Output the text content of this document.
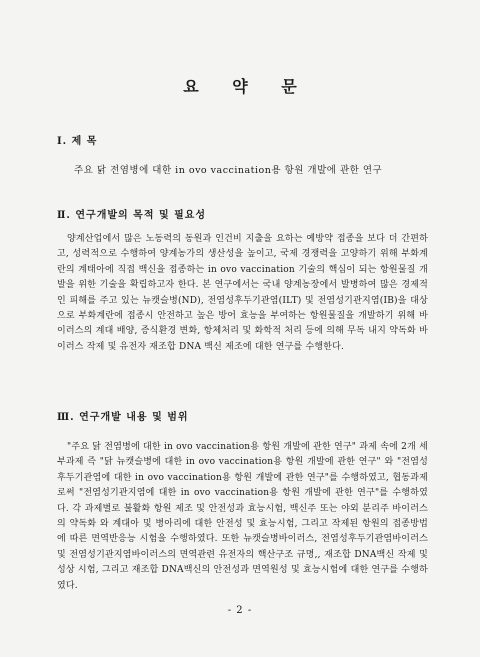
요 약 문
Ⅰ. 제 목
주요 닭 전염병에 대한 in ovo vaccination용 항원 개발에 관한 연구
Ⅱ. 연구개발의 목적 및 필요성
양계산업에서 많은 노동력의 동원과 인건비 지출을 요하는 예방약 접종을 보다 더 간편하고, 성력적으로 수행하여 양계농가의 생산성을 높이고, 국제 경쟁력을 고양하기 위해 부화계란의 계태아에 직접 백신을 접종하는 in ovo vaccination 기술의 핵심이 되는 항원물질 개발을 위한 기술을 확립하고자 한다. 본 연구에서는 국내 양계농장에서 발병하여 많은 경제적인 피해를 주고 있는 뉴캣슬병(ND), 전염성후두기관염(ILT) 및 전염성기관지염(IB)을 대상으로 부화계란에 접종시 안전하고 높은 방어 효능을 부여하는 항원물질을 개발하기 위해 바이러스의 계대 배양, 증식환경 변화, 항체처리 및 화학적 처리 등에 의해 무독 내지 약독화 바이러스 작제 및 유전자 재조합 DNA 백신 제조에 대한 연구를 수행한다.
Ⅲ. 연구개발 내용 및 범위
"주요 닭 전염병에 대한 in ovo vaccination용 항원 개발에 관한 연구" 과제 속에 2개 세부과제 즉 "닭 뉴캣슬병에 대한 in ovo vaccination용 항원 개발에 관한 연구" 와 "전염성후두기관염에 대한 in ovo vaccination용 항원 개발에 관한 연구"를 수행하였고, 협동과제로써 "전염성기관지염에 대한 in ovo vaccination용 항원 개발에 관한 연구"를 수행하였다. 각 과제별로 불활화 항원 제조 및 안전성과 효능시험, 백신주 또는 야외 분리주 바이러스의 약독화 와 계대아 및 병아리에 대한 안전성 및 효능시험, 그리고 작제된 항원의 접종방법에 따른 면역반응능 시험을 수행하였다. 또한 뉴캣슬병바이러스, 전염성후두기관염바이러스 및 전염성기관지염바이러스의 면역관련 유전자의 핵산구조 규명,, 재조합 DNA백신 작제 및 성상 시험, 그리고 재조합 DNA백신의 안전성과 면역원성 및 효능시험에 대한 연구를 수행하였다.
- 2 -
